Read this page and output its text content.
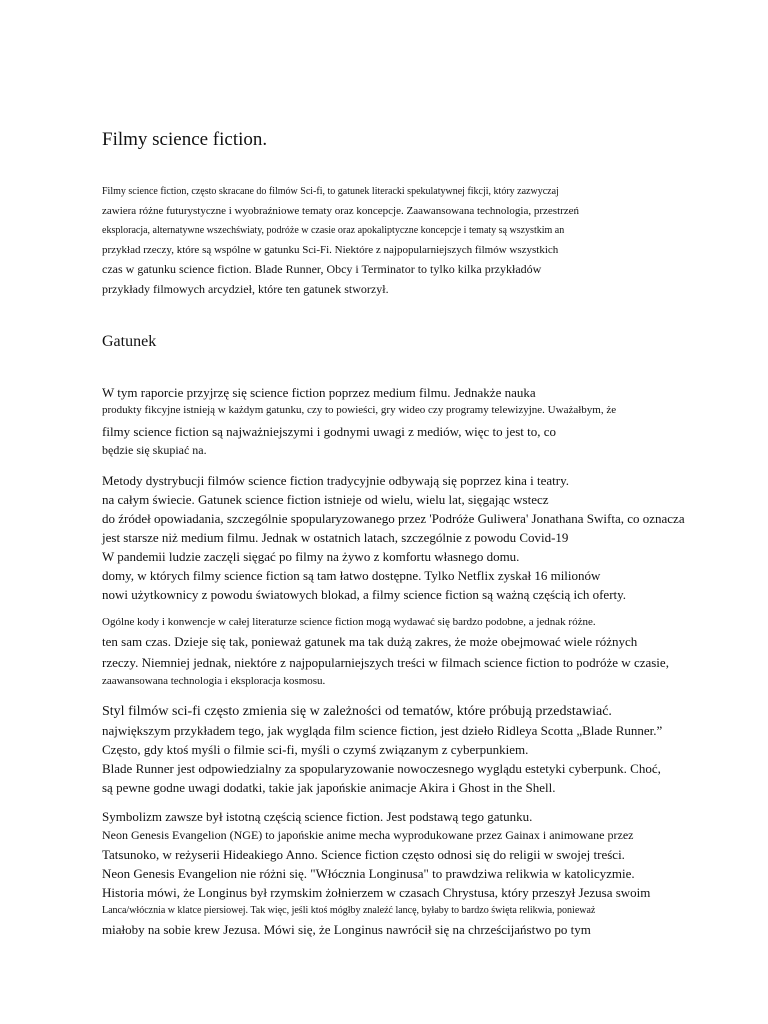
Filmy science fiction.

Filmy science fiction, często skracane do filmów Sci-fi, to gatunek literacki spekulatywnej fikcji, który zazwyczaj

zawiera różne futurystyczne i wyobraźniowe tematy oraz koncepcje. Zaawansowana technologia, przestrzeń

eksploracja, alternatywne wszechświaty, podróże w czasie oraz apokaliptyczne koncepcje i tematy są wszystkim an

przykład rzeczy, które są wspólne w gatunku Sci-Fi. Niektóre z najpopularniejszych filmów wszystkich

czas w gatunku science fiction. Blade Runner, Obcy i Terminator to tylko kilka przykładów

przykłady filmowych arcydzieł, które ten gatunek stworzył.

Gatunek

W tym raporcie przyjrzę się science fiction poprzez medium filmu. Jednakże nauka

produkty fikcyjne istnieją w każdym gatunku, czy to powieści, gry wideo czy programy telewizyjne. Uważałbym, że

filmy science fiction są najważniejszymi i godnymi uwagi z mediów, więc to jest to, co

będzie się skupiać na.

Metody dystrybucji filmów science fiction tradycyjnie odbywają się poprzez kina i teatry.

na całym świecie. Gatunek science fiction istnieje od wielu, wielu lat, sięgając wstecz

do źródeł opowiadania, szczególnie spopularyzowanego przez 'Podróże Guliwera' Jonathana Swifta, co oznacza

jest starsze niż medium filmu. Jednak w ostatnich latach, szczególnie z powodu Covid-19

W pandemii ludzie zaczęli sięgać po filmy na żywo z komfortu własnego domu.

domy, w których filmy science fiction są tam łatwo dostępne. Tylko Netflix zyskał 16 milionów

nowi użytkownicy z powodu światowych blokad, a filmy science fiction są ważną częścią ich oferty.

Ogólne kody i konwencje w całej literaturze science fiction mogą wydawać się bardzo podobne, a jednak różne.

ten sam czas. Dzieje się tak, ponieważ gatunek ma tak dużą zakres, że może obejmować wiele różnych

rzeczy. Niemniej jednak, niektóre z najpopularniejszych treści w filmach science fiction to podróże w czasie,

zaawansowana technologia i eksploracja kosmosu.

Styl filmów sci-fi często zmienia się w zależności od tematów, które próbują przedstawiać.

największym przykładem tego, jak wygląda film science fiction, jest dzieło Ridleya Scotta „Blade Runner.”

Często, gdy ktoś myśli o filmie sci-fi, myśli o czymś związanym z cyberpunkiem.

Blade Runner jest odpowiedzialny za spopularyzowanie nowoczesnego wyglądu estetyki cyberpunk. Choć,

są pewne godne uwagi dodatki, takie jak japońskie animacje Akira i Ghost in the Shell.

Symbolizm zawsze był istotną częścią science fiction. Jest podstawą tego gatunku.

Neon Genesis Evangelion (NGE) to japońskie anime mecha wyprodukowane przez Gainax i animowane przez

Tatsunoko, w reżyserii Hideakiego Anno. Science fiction często odnosi się do religii w swojej treści.

Neon Genesis Evangelion nie różni się. "Włócznia Longinusa" to prawdziwa relikwia w katolicyzmie.

Historia mówi, że Longinus był rzymskim żołnierzem w czasach Chrystusa, który przeszył Jezusa swoim

Lanca/włócznia w klatce piersiowej. Tak więc, jeśli ktoś mógłby znaleźć lancę, byłaby to bardzo święta relikwia, ponieważ

miałoby na sobie krew Jezusa. Mówi się, że Longinus nawrócił się na chrześcijaństwo po tym
